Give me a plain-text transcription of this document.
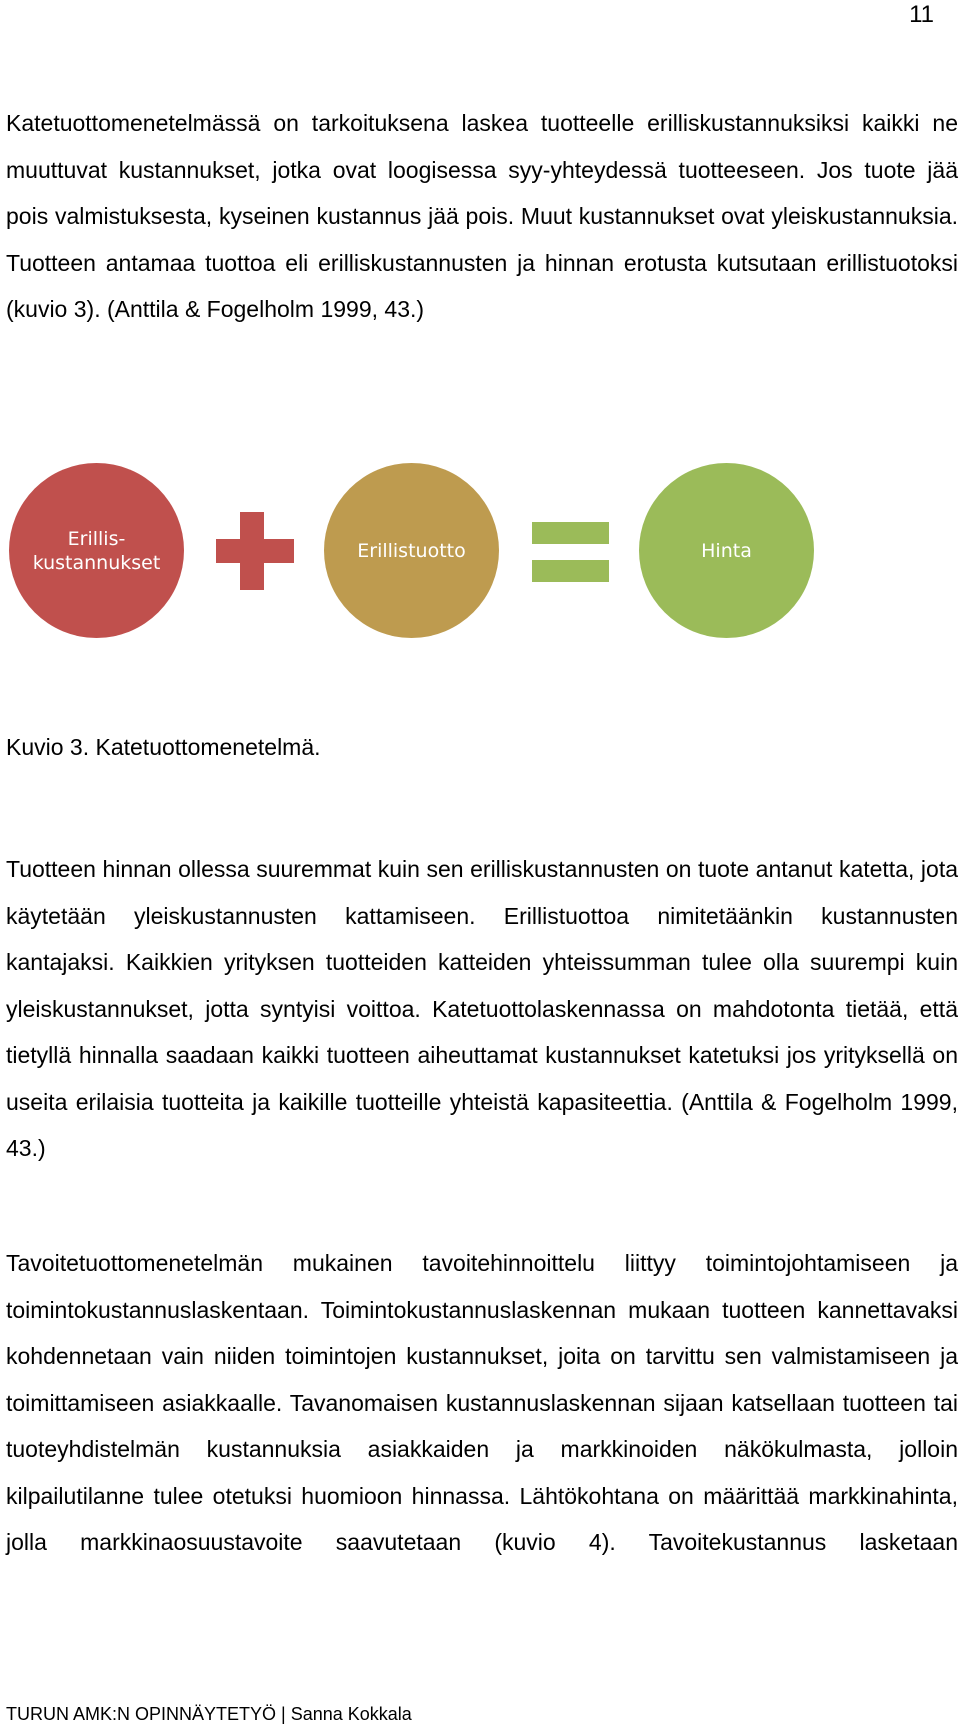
11

Katetuottomenetelmässä on tarkoituksena laskea tuotteelle erilliskustannuksiksi kaikki ne muuttuvat kustannukset, jotka ovat loogisessa syy-yhteydessä tuotteeseen. Jos tuote jää pois valmistuksesta, kyseinen kustannus jää pois. Muut kustannukset ovat yleiskustannuksia. Tuotteen antamaa tuottoa eli erilliskustannusten ja hinnan erotusta kutsutaan erillistuotoksi (kuvio 3). (Anttila & Fogelholm 1999, 43.)

Erillis-
kustannukset
Erillistuotto	Hinta

Kuvio 3. Katetuottomenetelmä.

Tuotteen hinnan ollessa suuremmat kuin sen erilliskustannusten on tuote antanut katetta, jota käytetään yleiskustannusten kattamiseen. Erillistuottoa nimitetäänkin kustannusten kantajaksi. Kaikkien yrityksen tuotteiden katteiden yhteissumman tulee olla suurempi kuin yleiskustannukset, jotta syntyisi voittoa. Katetuottolaskennassa on mahdotonta tietää, että tietyllä hinnalla saadaan kaikki tuotteen aiheuttamat kustannukset katetuksi jos yrityksellä on useita erilaisia tuotteita ja kaikille tuotteille yhteistä kapasiteettia. (Anttila & Fogelholm 1999, 43.)

Tavoitetuottomenetelmän mukainen tavoitehinnoittelu liittyy toimintojohtamiseen ja toimintokustannuslaskentaan. Toimintokustannuslaskennan mukaan tuotteen kannettavaksi kohdennetaan vain niiden toimintojen kustannukset, joita on tarvittu sen valmistamiseen ja toimittamiseen asiakkaalle. Tavanomaisen kustannuslaskennan sijaan katsellaan tuotteen tai tuoteyhdistelmän kustannuksia asiakkaiden ja markkinoiden näkökulmasta, jolloin kilpailutilanne tulee otetuksi huomioon hinnassa. Lähtökohtana on määrittää markkinahinta, jolla markkinaosuustavoite saavutetaan (kuvio 4). Tavoitekustannus lasketaan

TURUN AMK:N OPINNÄYTETYÖ | Sanna Kokkala
